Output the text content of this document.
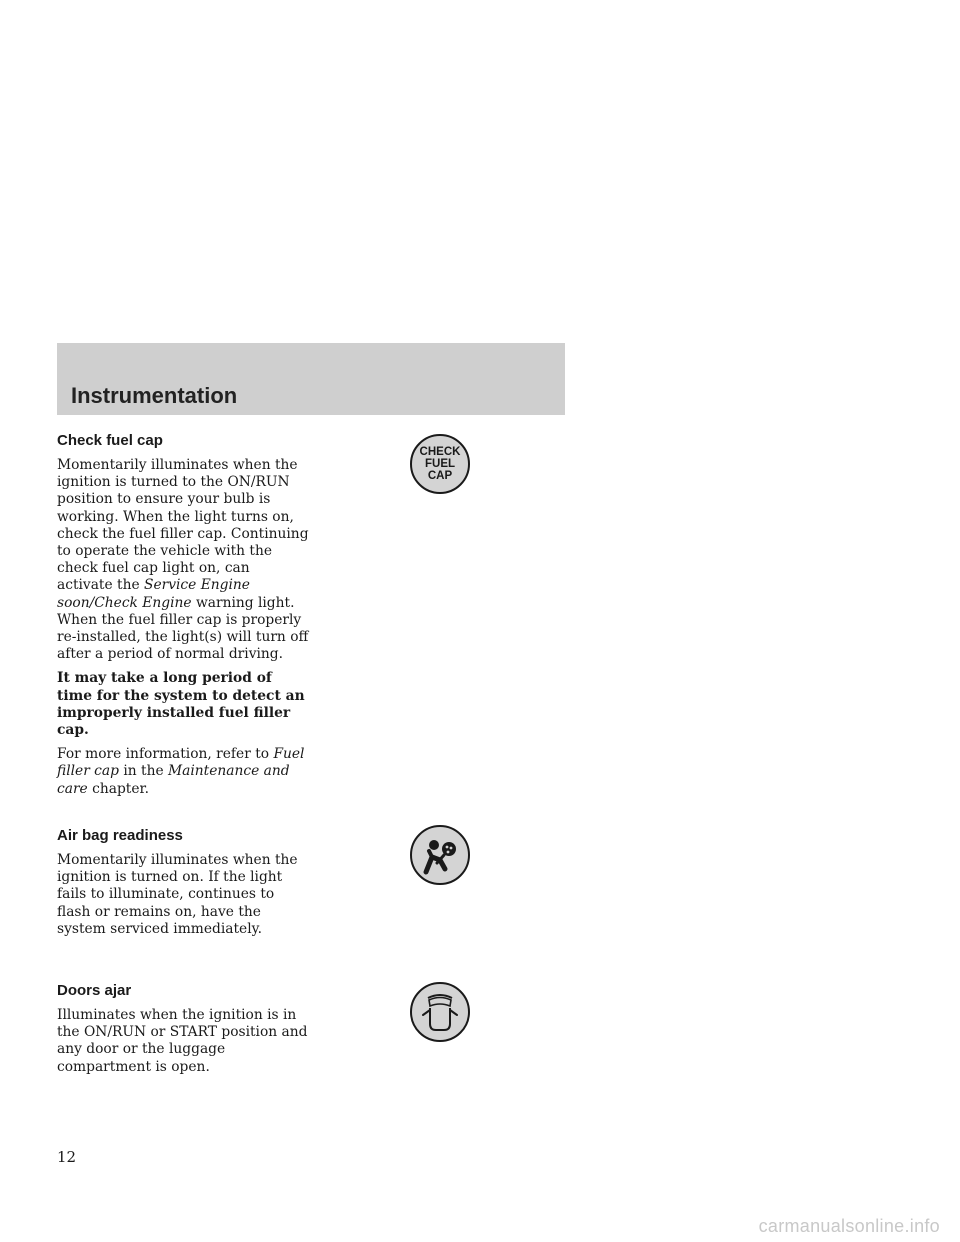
Instrumentation
Check fuel cap

Momentarily illuminates when the ignition is turned to the ON/RUN position to ensure your bulb is working. When the light turns on, check the fuel filler cap. Continuing to operate the vehicle with the check fuel cap light on, can activate the Service Engine soon/Check Engine warning light. When the fuel filler cap is properly re-installed, the light(s) will turn off after a period of normal driving.

It may take a long period of time for the system to detect an improperly installed fuel filler cap.

For more information, refer to Fuel filler cap in the Maintenance and care chapter.

CHECK
FUEL
CAP
Air bag readiness

Momentarily illuminates when the ignition is turned on. If the light fails to illuminate, continues to flash or remains on, have the system serviced immediately.

Doors ajar

Illuminates when the ignition is in the ON/RUN or START position and any door or the luggage compartment is open.

12
carmanualsonline.info
